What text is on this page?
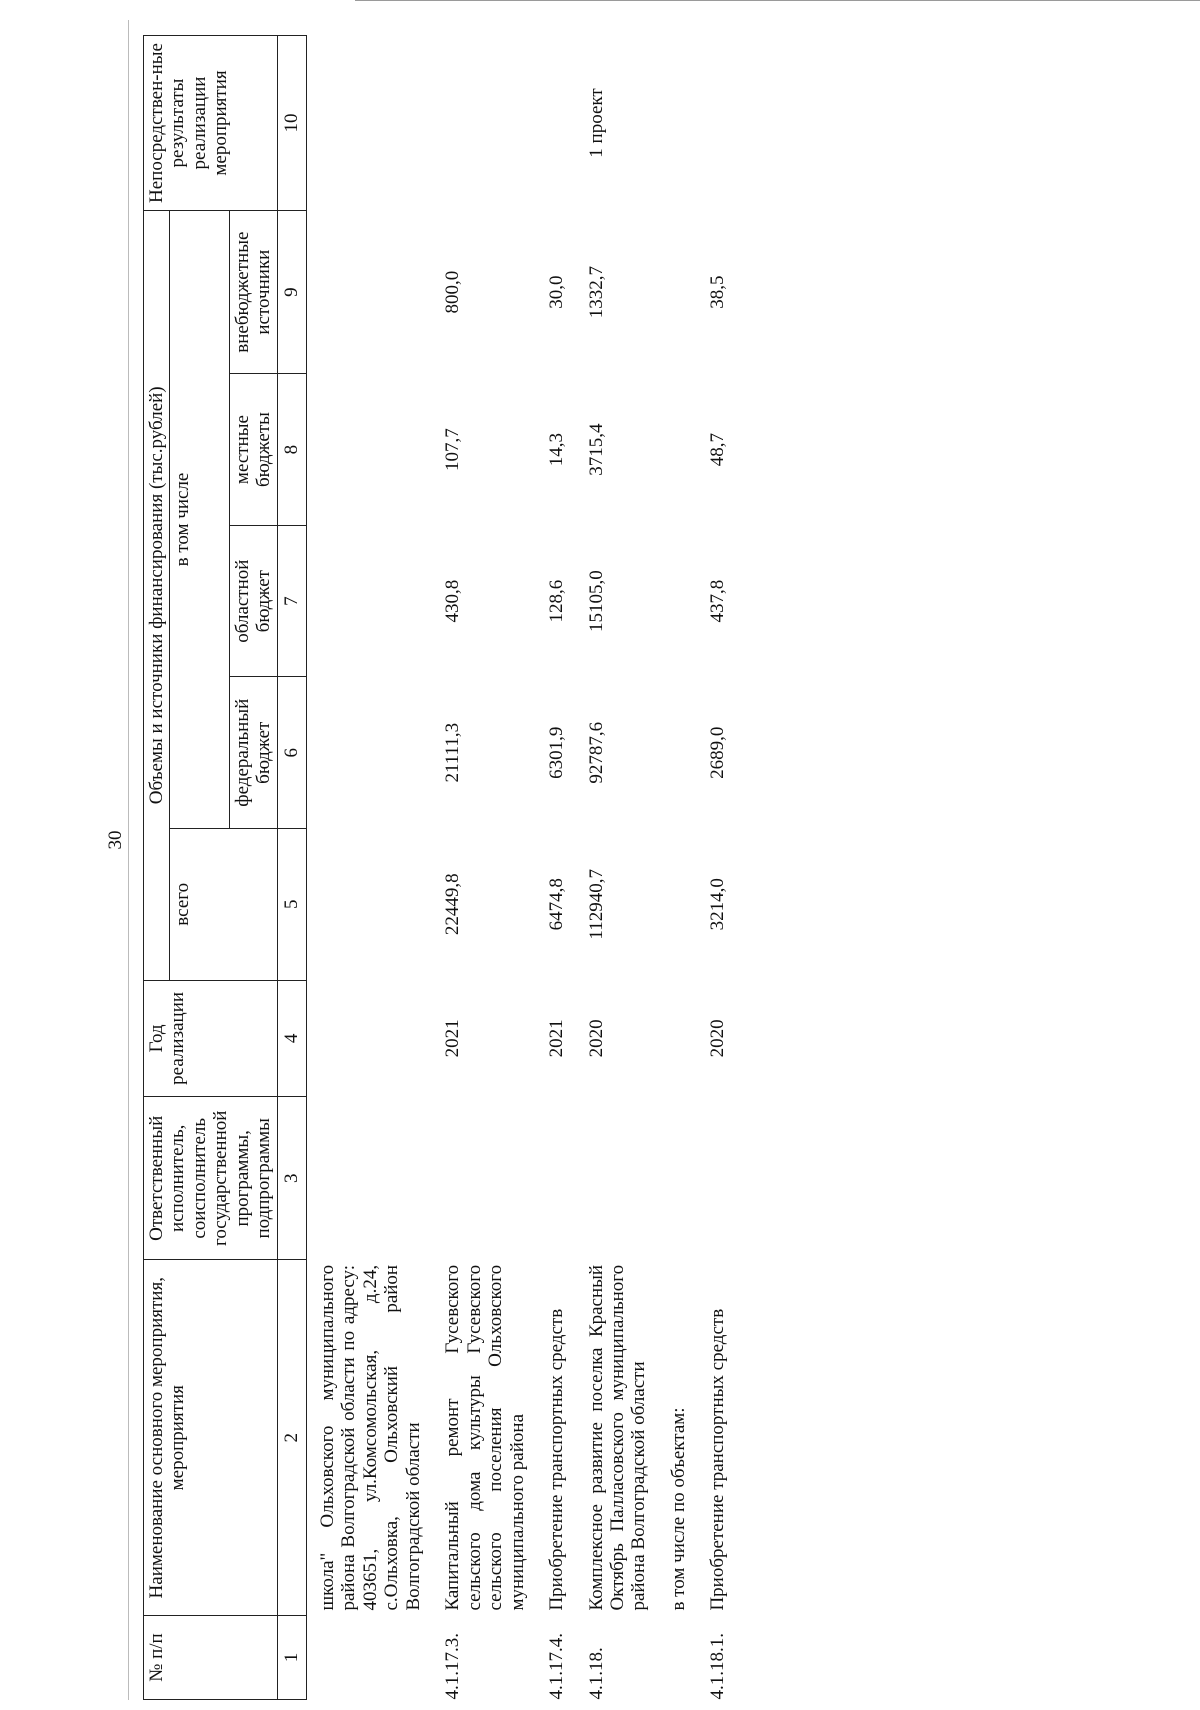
30
№ п/п	Наименование основного мероприятия, мероприятия	Ответственный исполнитель, соисполнитель государственной программы, подпрограммы	Год реализации	Объемы и источники финансирования (тыс.рублей)					Непосредствен-ные результаты реализации мероприятия
				всего	в том числе				
					федеральный бюджет	областной бюджет	местные бюджеты	внебюджетные источники	
1	2	3	4	5	6	7	8	9	10
	школа" Ольховского муниципального района Волгоградской области по адресу: 403651, ул.Комсомольская, д.24, с.Ольховка, Ольховский район Волгоградской области								
4.1.17.3.	Капитальный ремонт Гусевского сельского дома культуры Гусевского сельского поселения Ольховского муниципального района		2021	22449,8	21111,3	430,8	107,7	800,0	
4.1.17.4.	Приобретение транспортных средств		2021	6474,8	6301,9	128,6	14,3	30,0	
4.1.18.	Комплексное развитие поселка Красный Октябрь Палласовского муниципального района Волгоградской области в том числе по объектам:		2020	112940,7	92787,6	15105,0	3715,4	1332,7	1 проект
4.1.18.1.	Приобретение транспортных средств		2020	3214,0	2689,0	437,8	48,7	38,5	
